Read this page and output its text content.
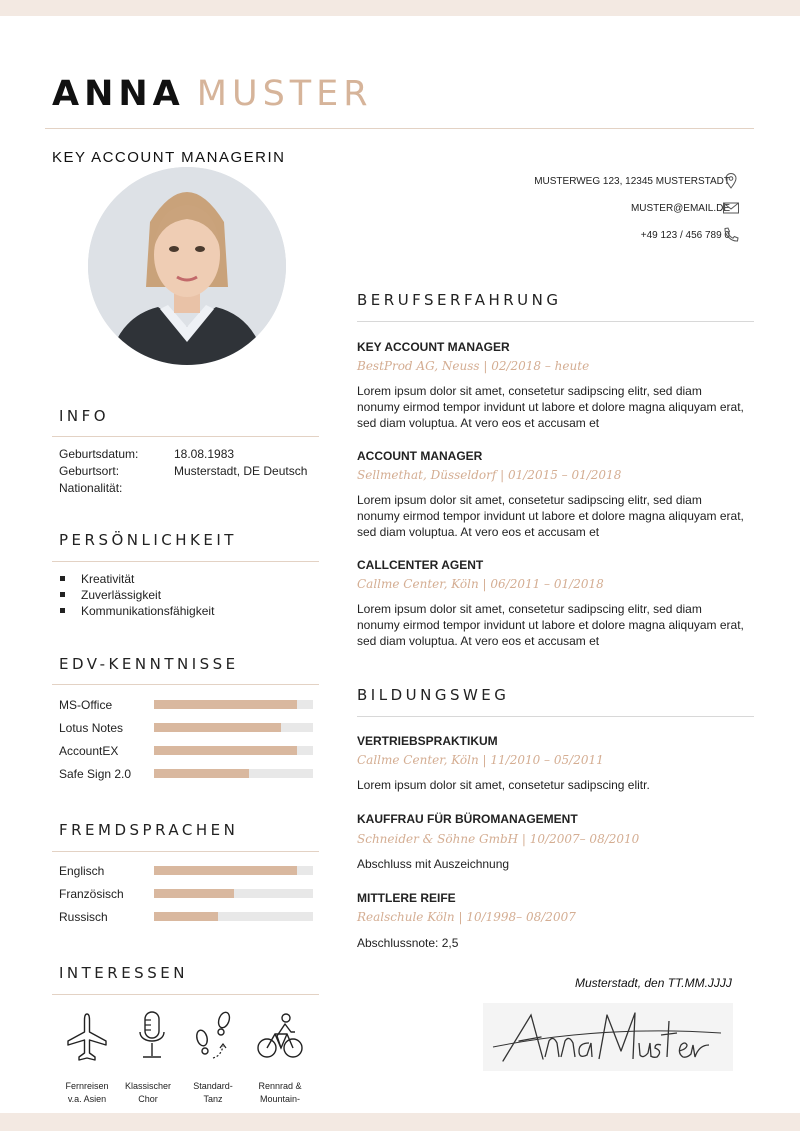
ANNA MUSTER
KEY ACCOUNT MANAGERIN
MUSTERWEG 123, 12345 MUSTERSTADT
MUSTER@EMAIL.DE
+49 123 / 456 789 0
INFO
Geburtsdatum:	18.08.1983
Geburtsort:	Musterstadt, DE Deutsch
Nationalität:
PERSÖNLICHKEIT
Kreativität
Zuverlässigkeit
Kommunikationsfähigkeit
EDV-KENNTNISSE
MS-Office
Lotus Notes
AccountEX
Safe Sign 2.0
FREMDSPRACHEN
Englisch
Französisch
Russisch
INTERESSEN
Fernreisen
v.a. Asien
Klassischer
Chor
Standard-
Tanz
Rennrad &
Mountain-
BERUFSERFAHRUNG
KEY ACCOUNT MANAGER
BestProd AG, Neuss | 02/2018 – heute
Lorem ipsum dolor sit amet, consetetur sadipscing elitr, sed diam nonumy eirmod tempor invidunt ut labore et dolore magna aliquyam erat, sed diam voluptua. At vero eos et accusam et
ACCOUNT MANAGER
Sellmethat, Düsseldorf | 01/2015 – 01/2018
Lorem ipsum dolor sit amet, consetetur sadipscing elitr, sed diam nonumy eirmod tempor invidunt ut labore et dolore magna aliquyam erat, sed diam voluptua. At vero eos et accusam et
CALLCENTER AGENT
Callme Center, Köln | 06/2011 – 01/2018
Lorem ipsum dolor sit amet, consetetur sadipscing elitr, sed diam nonumy eirmod tempor invidunt ut labore et dolore magna aliquyam erat, sed diam voluptua. At vero eos et accusam et
BILDUNGSWEG
VERTRIEBSPRAKTIKUM
Callme Center, Köln | 11/2010 – 05/2011
Lorem ipsum dolor sit amet, consetetur sadipscing elitr.
KAUFFRAU FÜR BÜROMANAGEMENT
Schneider & Söhne GmbH | 10/2007– 08/2010
Abschluss mit Auszeichnung
MITTLERE REIFE
Realschule Köln | 10/1998– 08/2007
Abschlussnote: 2,5
Musterstadt, den TT.MM.JJJJ
